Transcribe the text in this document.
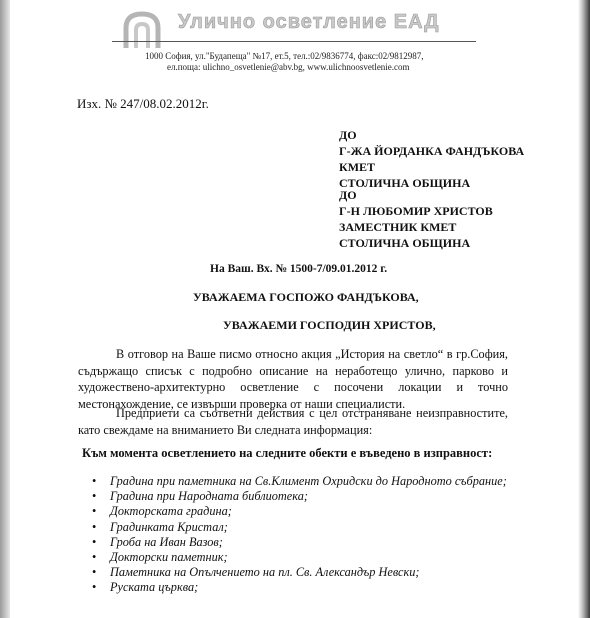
Улично осветление ЕАД
1000 София, ул."Будапеща" №17, ет.5, тел.:02/9836774, факс:02/9812987,
ел.поща: ulichno_osvetlenie@abv.bg, www.ulichnoosvetlenie.com
Изх. № 247/08.02.2012г.
ДО
Г-ЖА ЙОРДАНКА ФАНДЪКОВА
КМЕТ
СТОЛИЧНА ОБЩИНА
ДО
Г-Н ЛЮБОМИР ХРИСТОВ
ЗАМЕСТНИК КМЕТ
СТОЛИЧНА ОБЩИНА
На Ваш. Вх. № 1500-7/09.01.2012 г.
УВАЖАЕМА ГОСПОЖО ФАНДЪКОВА,
УВАЖАЕМИ ГОСПОДИН ХРИСТОВ,
В отговор на Ваше писмо относно акция „История на светло“ в гр.София, съдържащо списък с подробно описание на неработещо улично, парково и художествено-архитектурно осветление с посочени локации и точно местонахождение, се извърши проверка от наши специалисти.
Предприети са съответни действия с цел отстраняване неизправностите, като свеждаме на вниманието Ви следната информация:
Към момента осветлението на следните обекти е въведено в изправност:
• Градина при паметника на Св.Климент Охридски до Народното събрание;
• Градина при Народната библиотека;
• Докторската градина;
• Градинката Кристал;
• Гроба на Иван Вазов;
• Докторски паметник;
• Паметника на Опълчението на пл. Св. Александър Невски;
• Руската църква;
